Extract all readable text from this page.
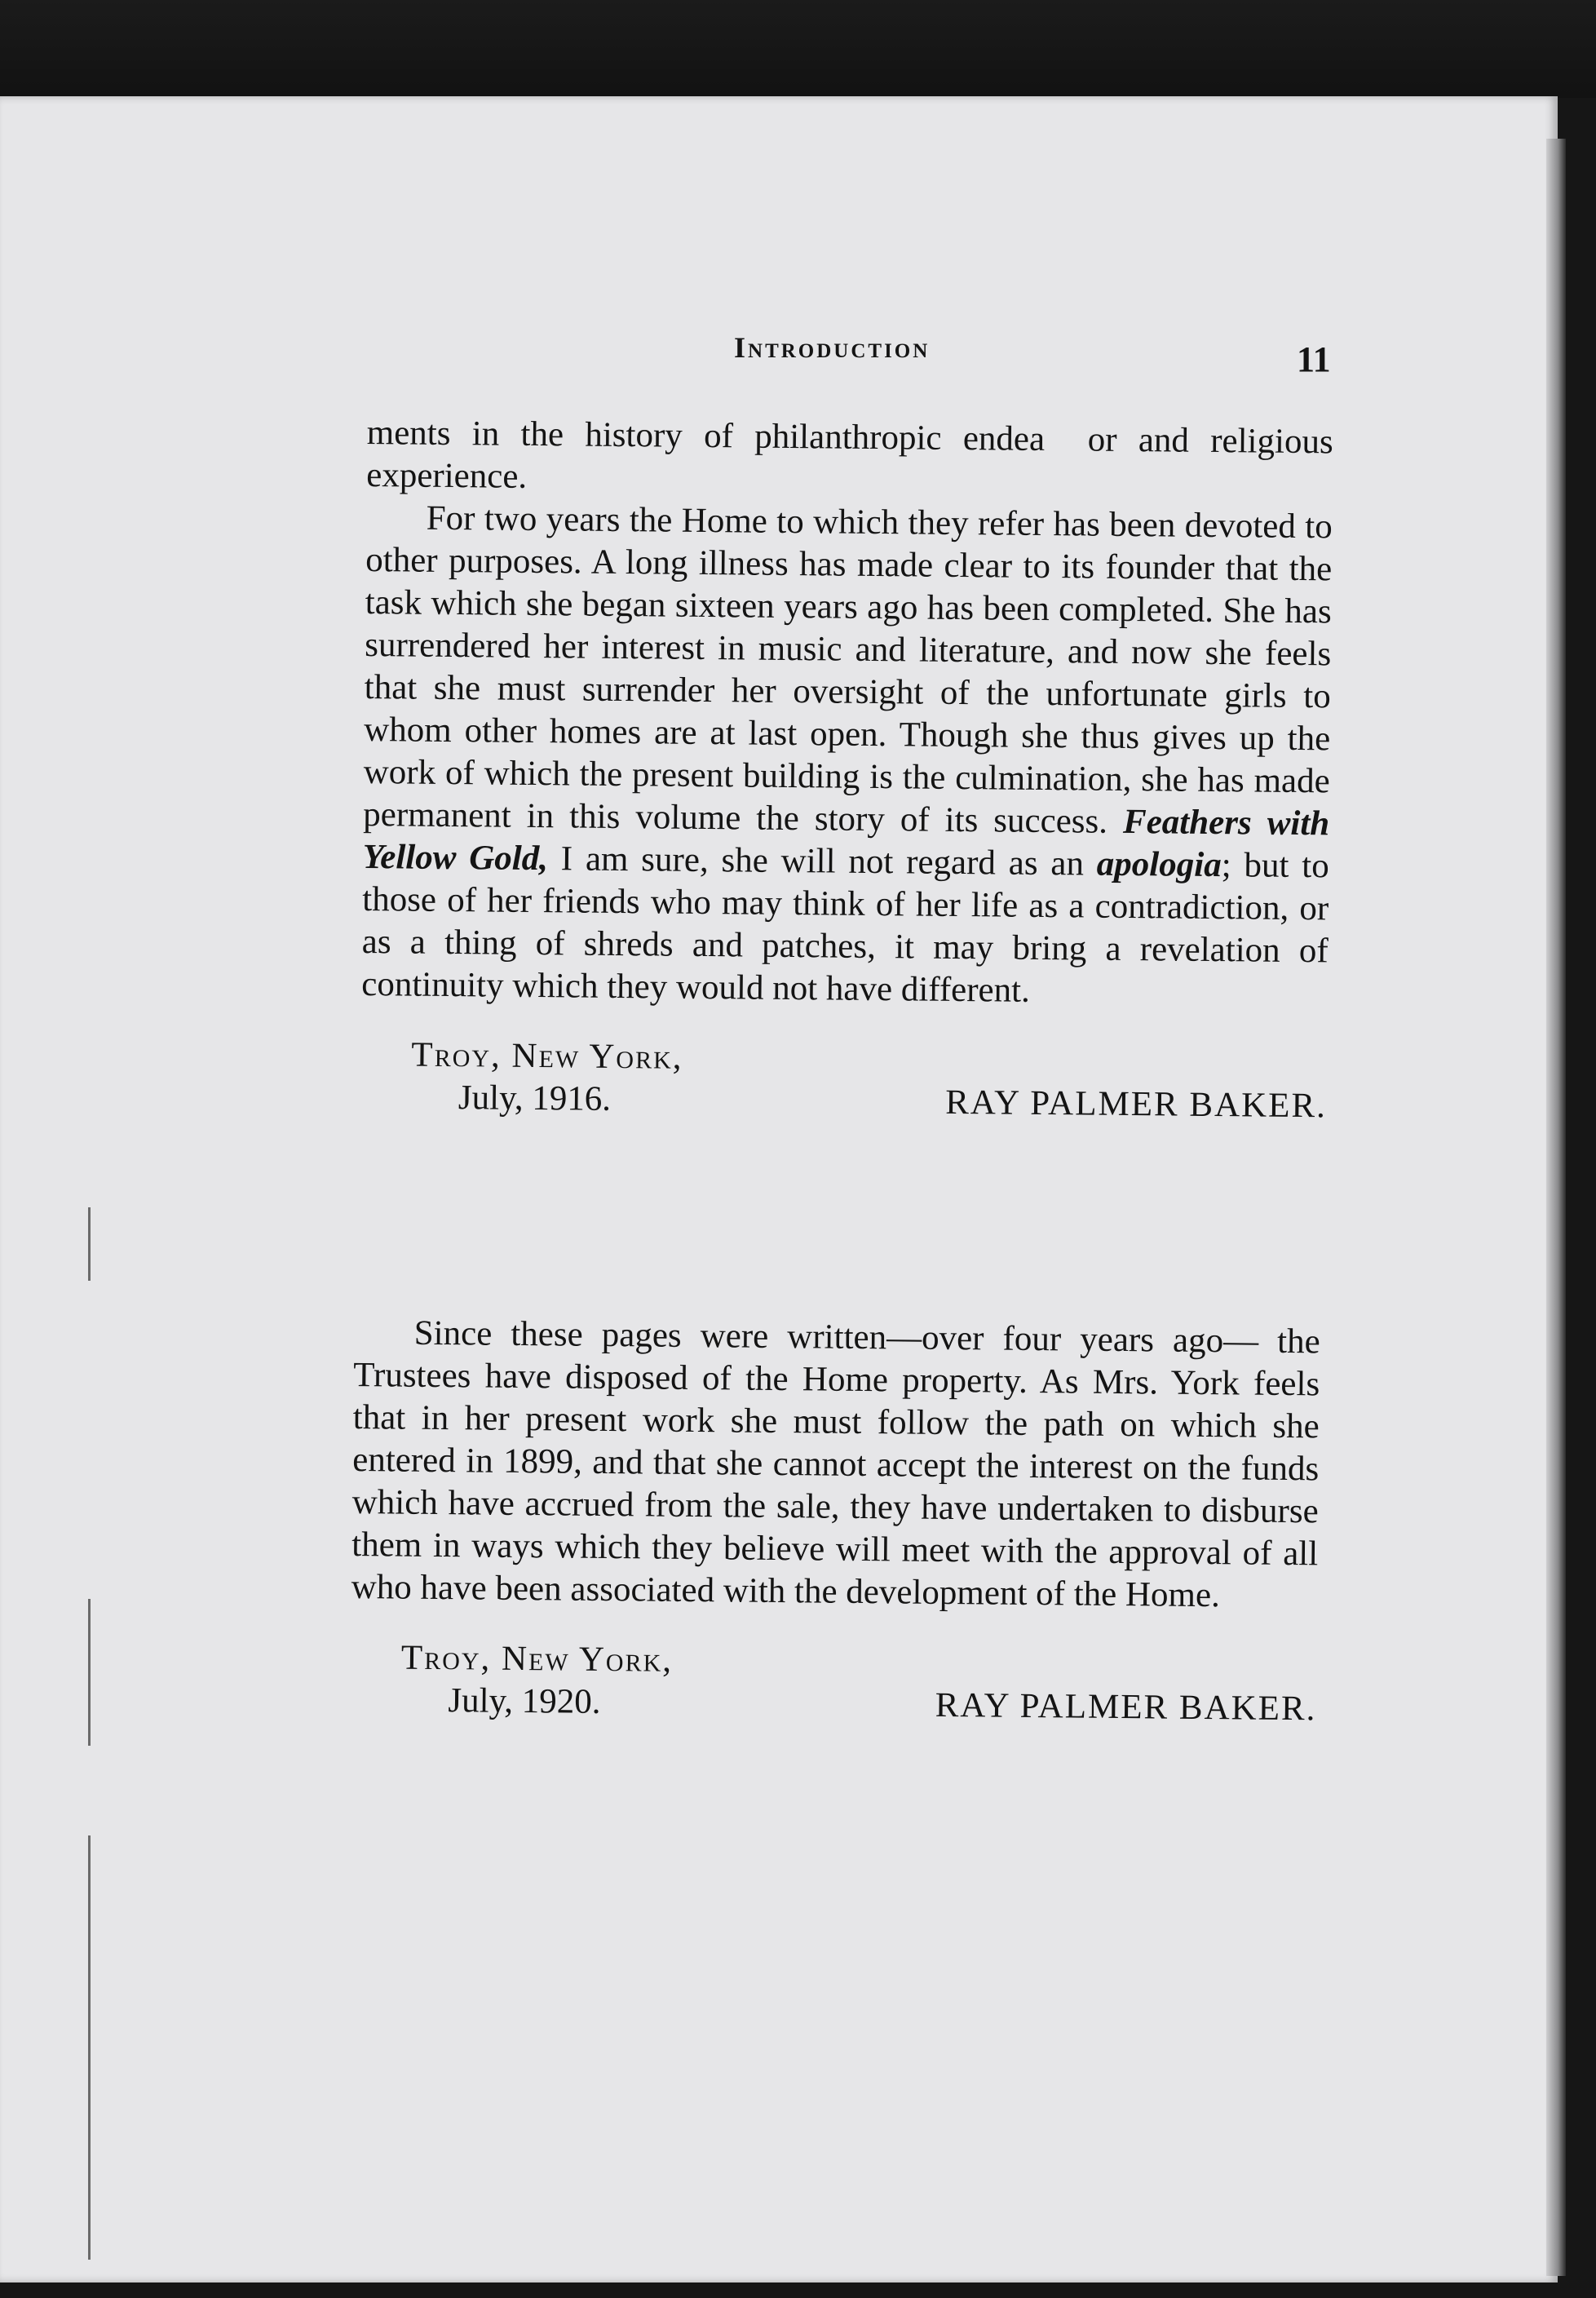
Introduction	11

ments in the history of philanthropic endea  or and religious experience.

For two years the Home to which they refer has been devoted to other purposes. A long illness has made clear to its founder that the task which she began sixteen years ago has been completed. She has surrendered her interest in music and literature, and now she feels that she must surrender her oversight of the unfortunate girls to whom other homes are at last open. Though she thus gives up the work of which the present building is the culmination, she has made permanent in this volume the story of its success. Feathers with Yellow Gold, I am sure, she will not regard as an apologia; but to those of her friends who may think of her life as a contradiction, or as a thing of shreds and patches, it may bring a revelation of continuity which they would not have different.

Troy, New York,
July, 1916.	RAY PALMER BAKER.

Since these pages were written—over four years ago— the Trustees have disposed of the Home property. As Mrs. York feels that in her present work she must follow the path on which she entered in 1899, and that she cannot accept the interest on the funds which have accrued from the sale, they have undertaken to disburse them in ways which they believe will meet with the approval of all who have been associated with the development of the Home.

Troy, New York,
July, 1920.	RAY PALMER BAKER.
